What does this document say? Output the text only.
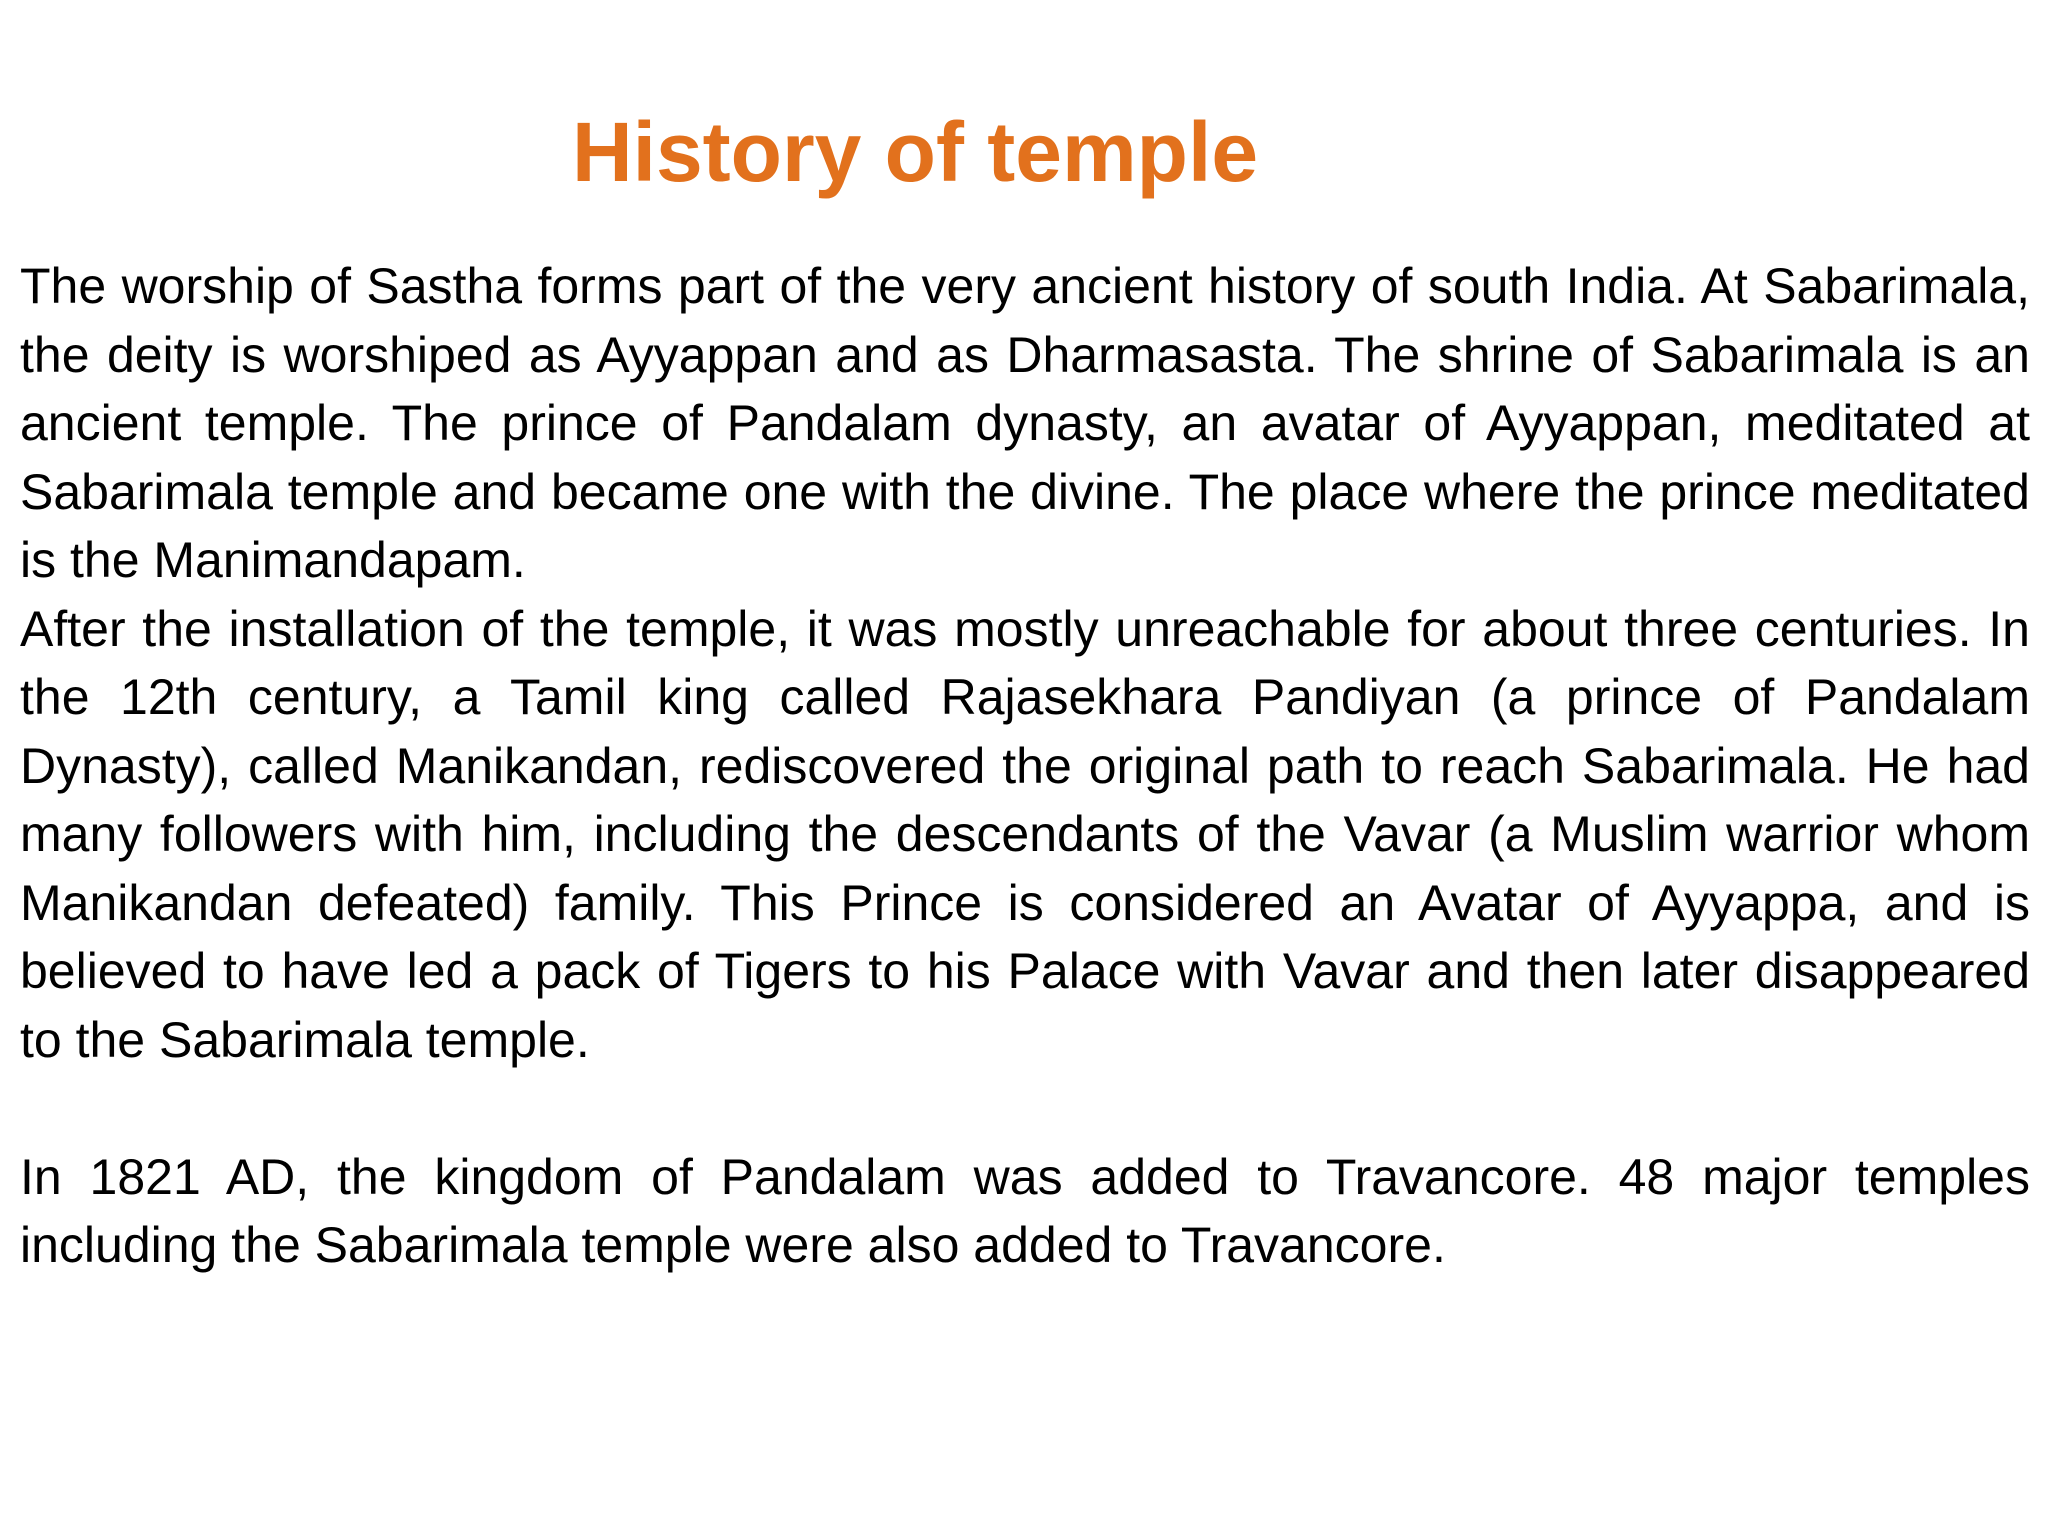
History of temple

The worship of Sastha forms part of the very ancient history of south India. At Sabarimala, the deity is worshiped as Ayyappan and as Dharmasasta. The shrine of Sabarimala is an ancient temple. The prince of Pandalam dynasty, an avatar of Ayyappan, meditated at Sabarimala temple and became one with the divine. The place where the prince meditated is the Manimandapam.

After the installation of the temple, it was mostly unreachable for about three centuries. In the 12th century, a Tamil king called Rajasekhara Pandiyan (a prince of Pandalam Dynasty), called Manikandan, rediscovered the original path to reach Sabarimala. He had many followers with him, including the descendants of the Vavar (a Muslim warrior whom Manikandan defeated) family. This Prince is considered an Avatar of Ayyappa, and is believed to have led a pack of Tigers to his Palace with Vavar and then later disappeared to the Sabarimala temple.

In 1821 AD, the kingdom of Pandalam was added to Travancore. 48 major temples including the Sabarimala temple were also added to Travancore.
